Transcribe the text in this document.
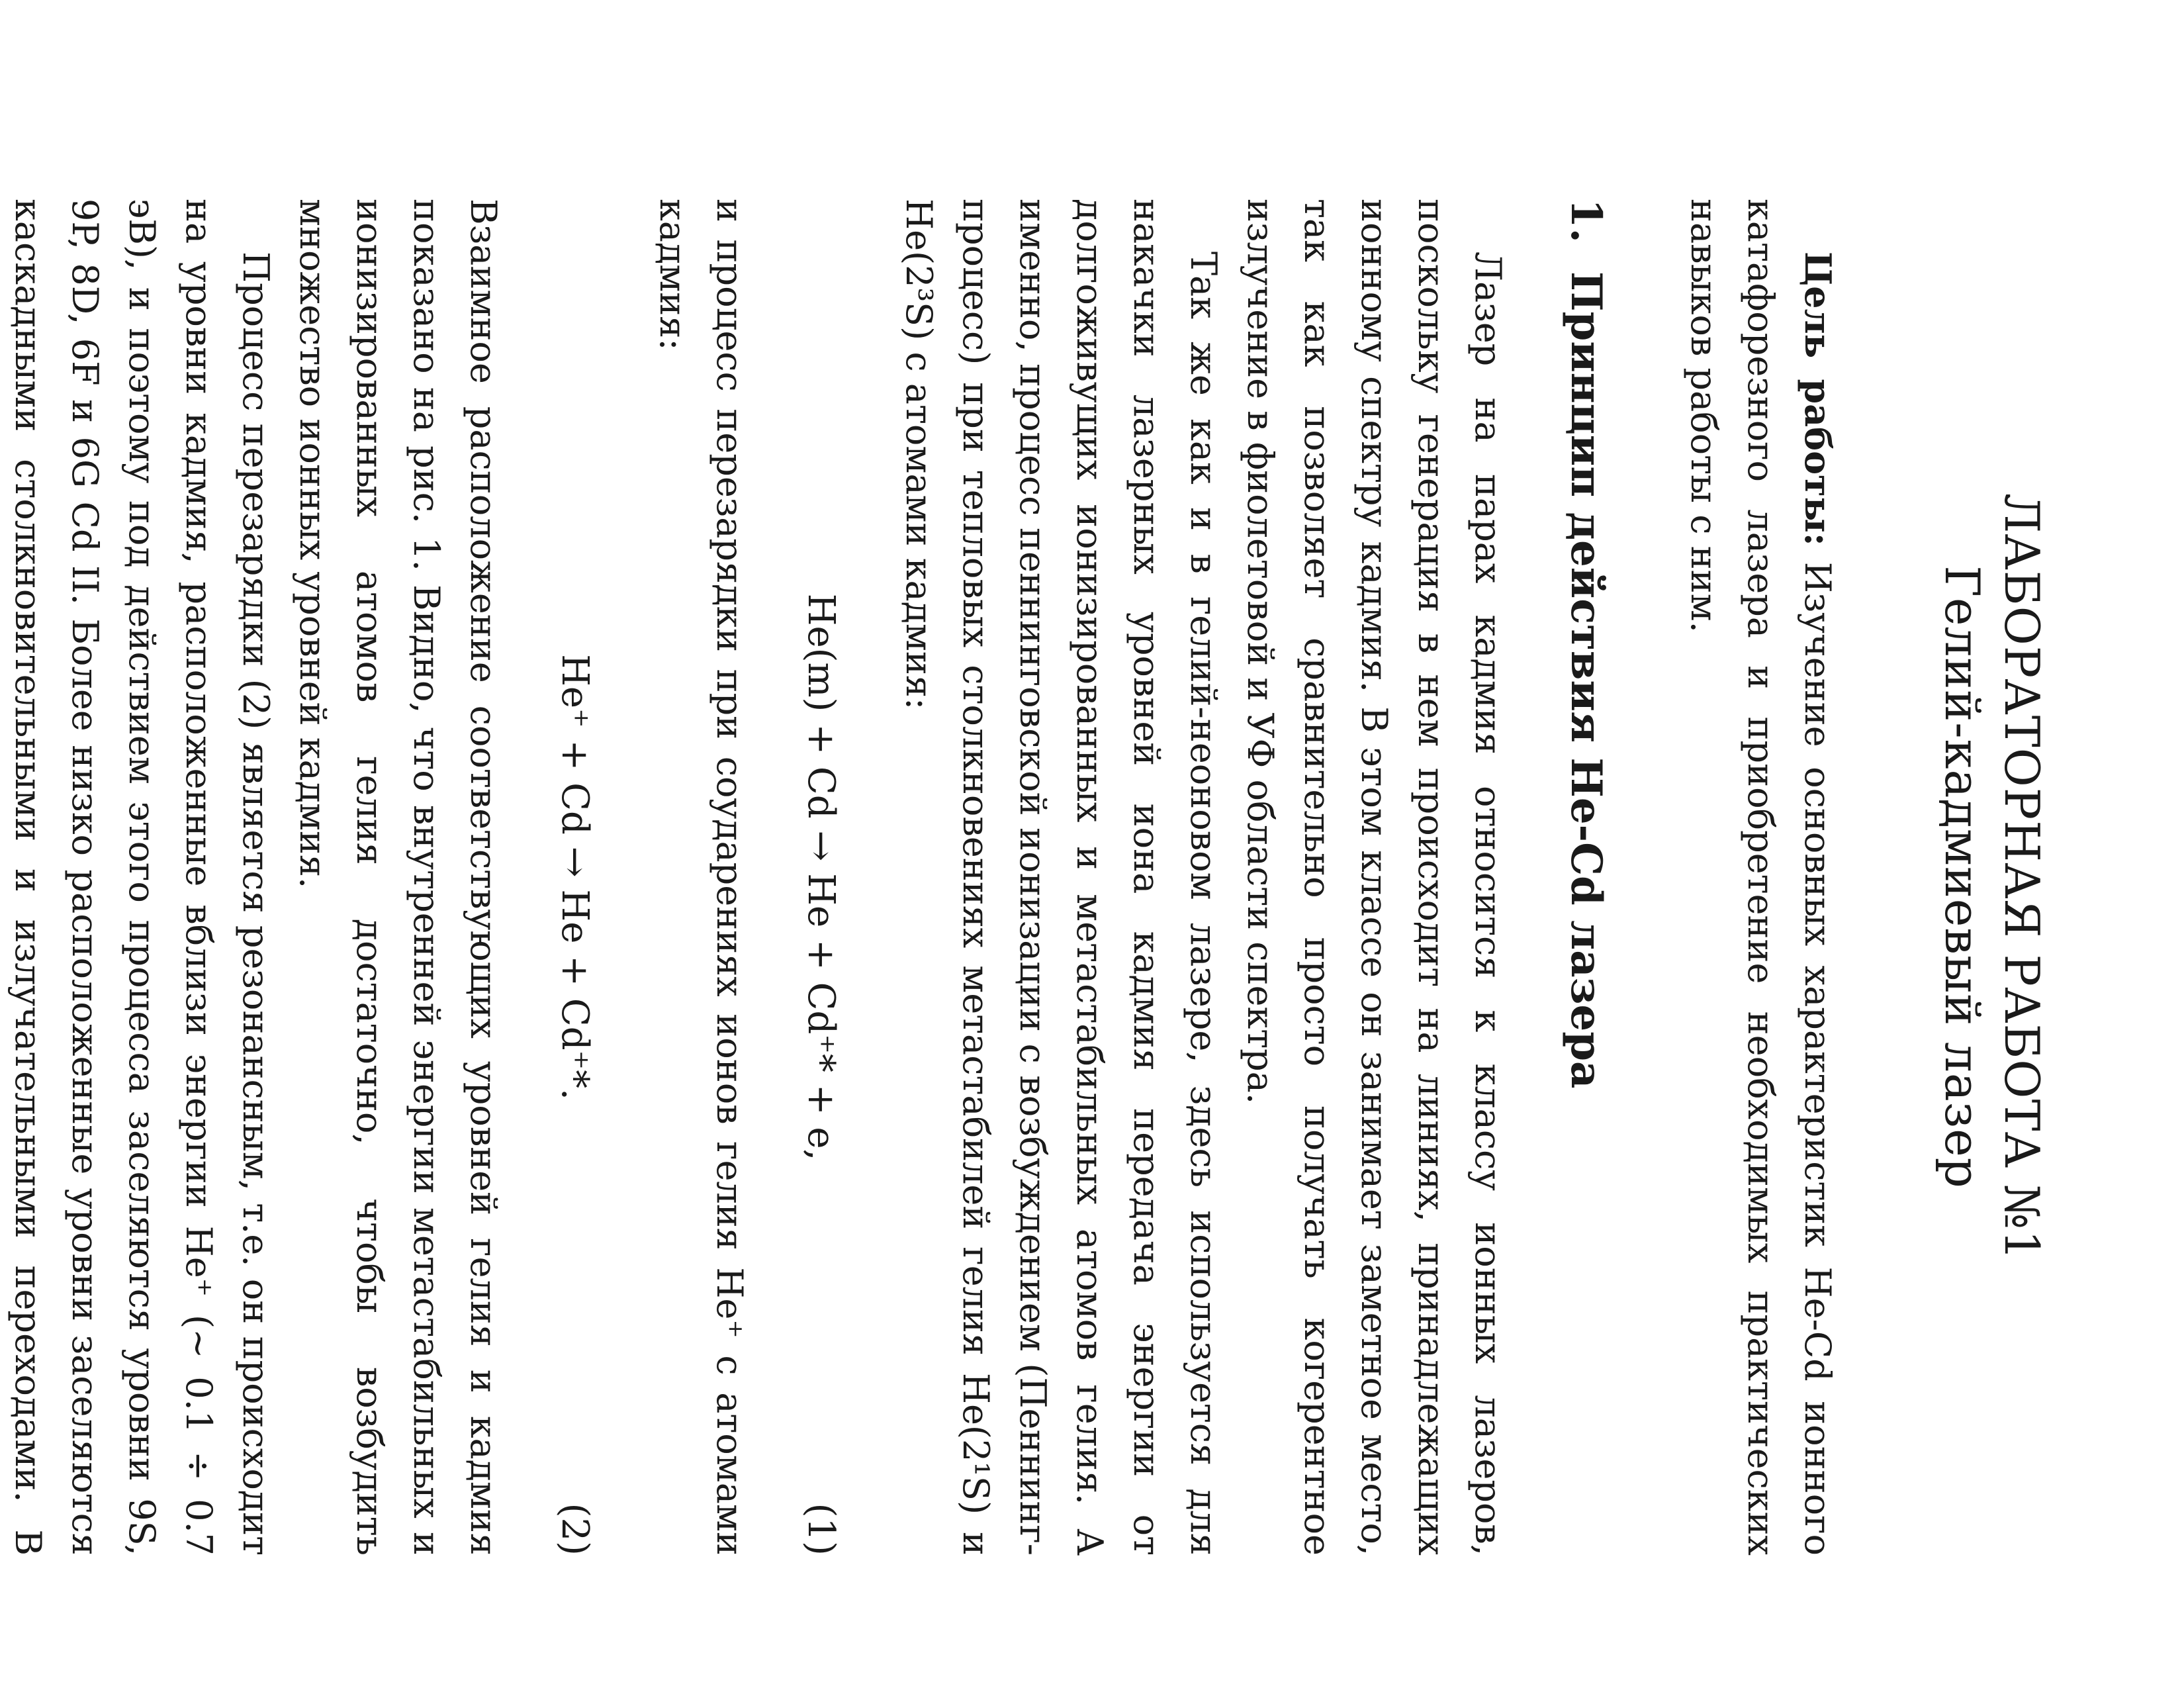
ЛАБОРАТОРНАЯ РАБОТА №1
Гелий-кадмиевый лазер

Цель работы:Изучение основных характеристик He-Cd ионного катафорезного лазера и приобретение необходимых практических навыков работы с ним.

1.Принцип действия He-Cd лазера

Лазер на парах кадмия относится к классу ионных лазеров, поскольку генерация в нем происходит на линиях, принадлежащих ионному спектру кадмия. В этом классе он занимает заметное место, так как позволяет сравнительно просто получать когерентное излучение в фиолетовой и УФ области спектра.

Так же как и в гелий-неоновом лазере, здесь используется для накачки лазерных уровней иона кадмия передача энергии от долгоживущих ионизированных и метастабильных атомов гелия. А именно, процесс пеннинговской ионизации с возбуждением (Пеннинг-процесс) при тепловых столкновениях метастабилей гелия He(2¹S) и He(2³S) с атомами кадмия:

He(m) + Cd → He + Cd⁺* + e,
(1)

и процесс перезарядки при соударениях ионов гелия He⁺ с атомами кадмия:

He⁺ + Cd → He + Cd⁺*.
(2)

Взаимное расположение соответствующих уровней гелия и кадмия показано на рис. 1. Видно, что внутренней энергии метастабильных и ионизированных атомов гелия достаточно, чтобы возбудить множество ионных уровней кадмия.

Процесс перезарядки (2) является резонансным, т.е. он происходит на уровни кадмия, расположенные вблизи энергии He⁺ (∼ 0.1 ÷ 0.7 эВ), и поэтому под действием этого процесса заселяются уровни 9S, 9P, 8D, 6F и 6G Cd II. Более низко расположенные уровни заселяются каскадными столкновительными и излучательными переходами. В
